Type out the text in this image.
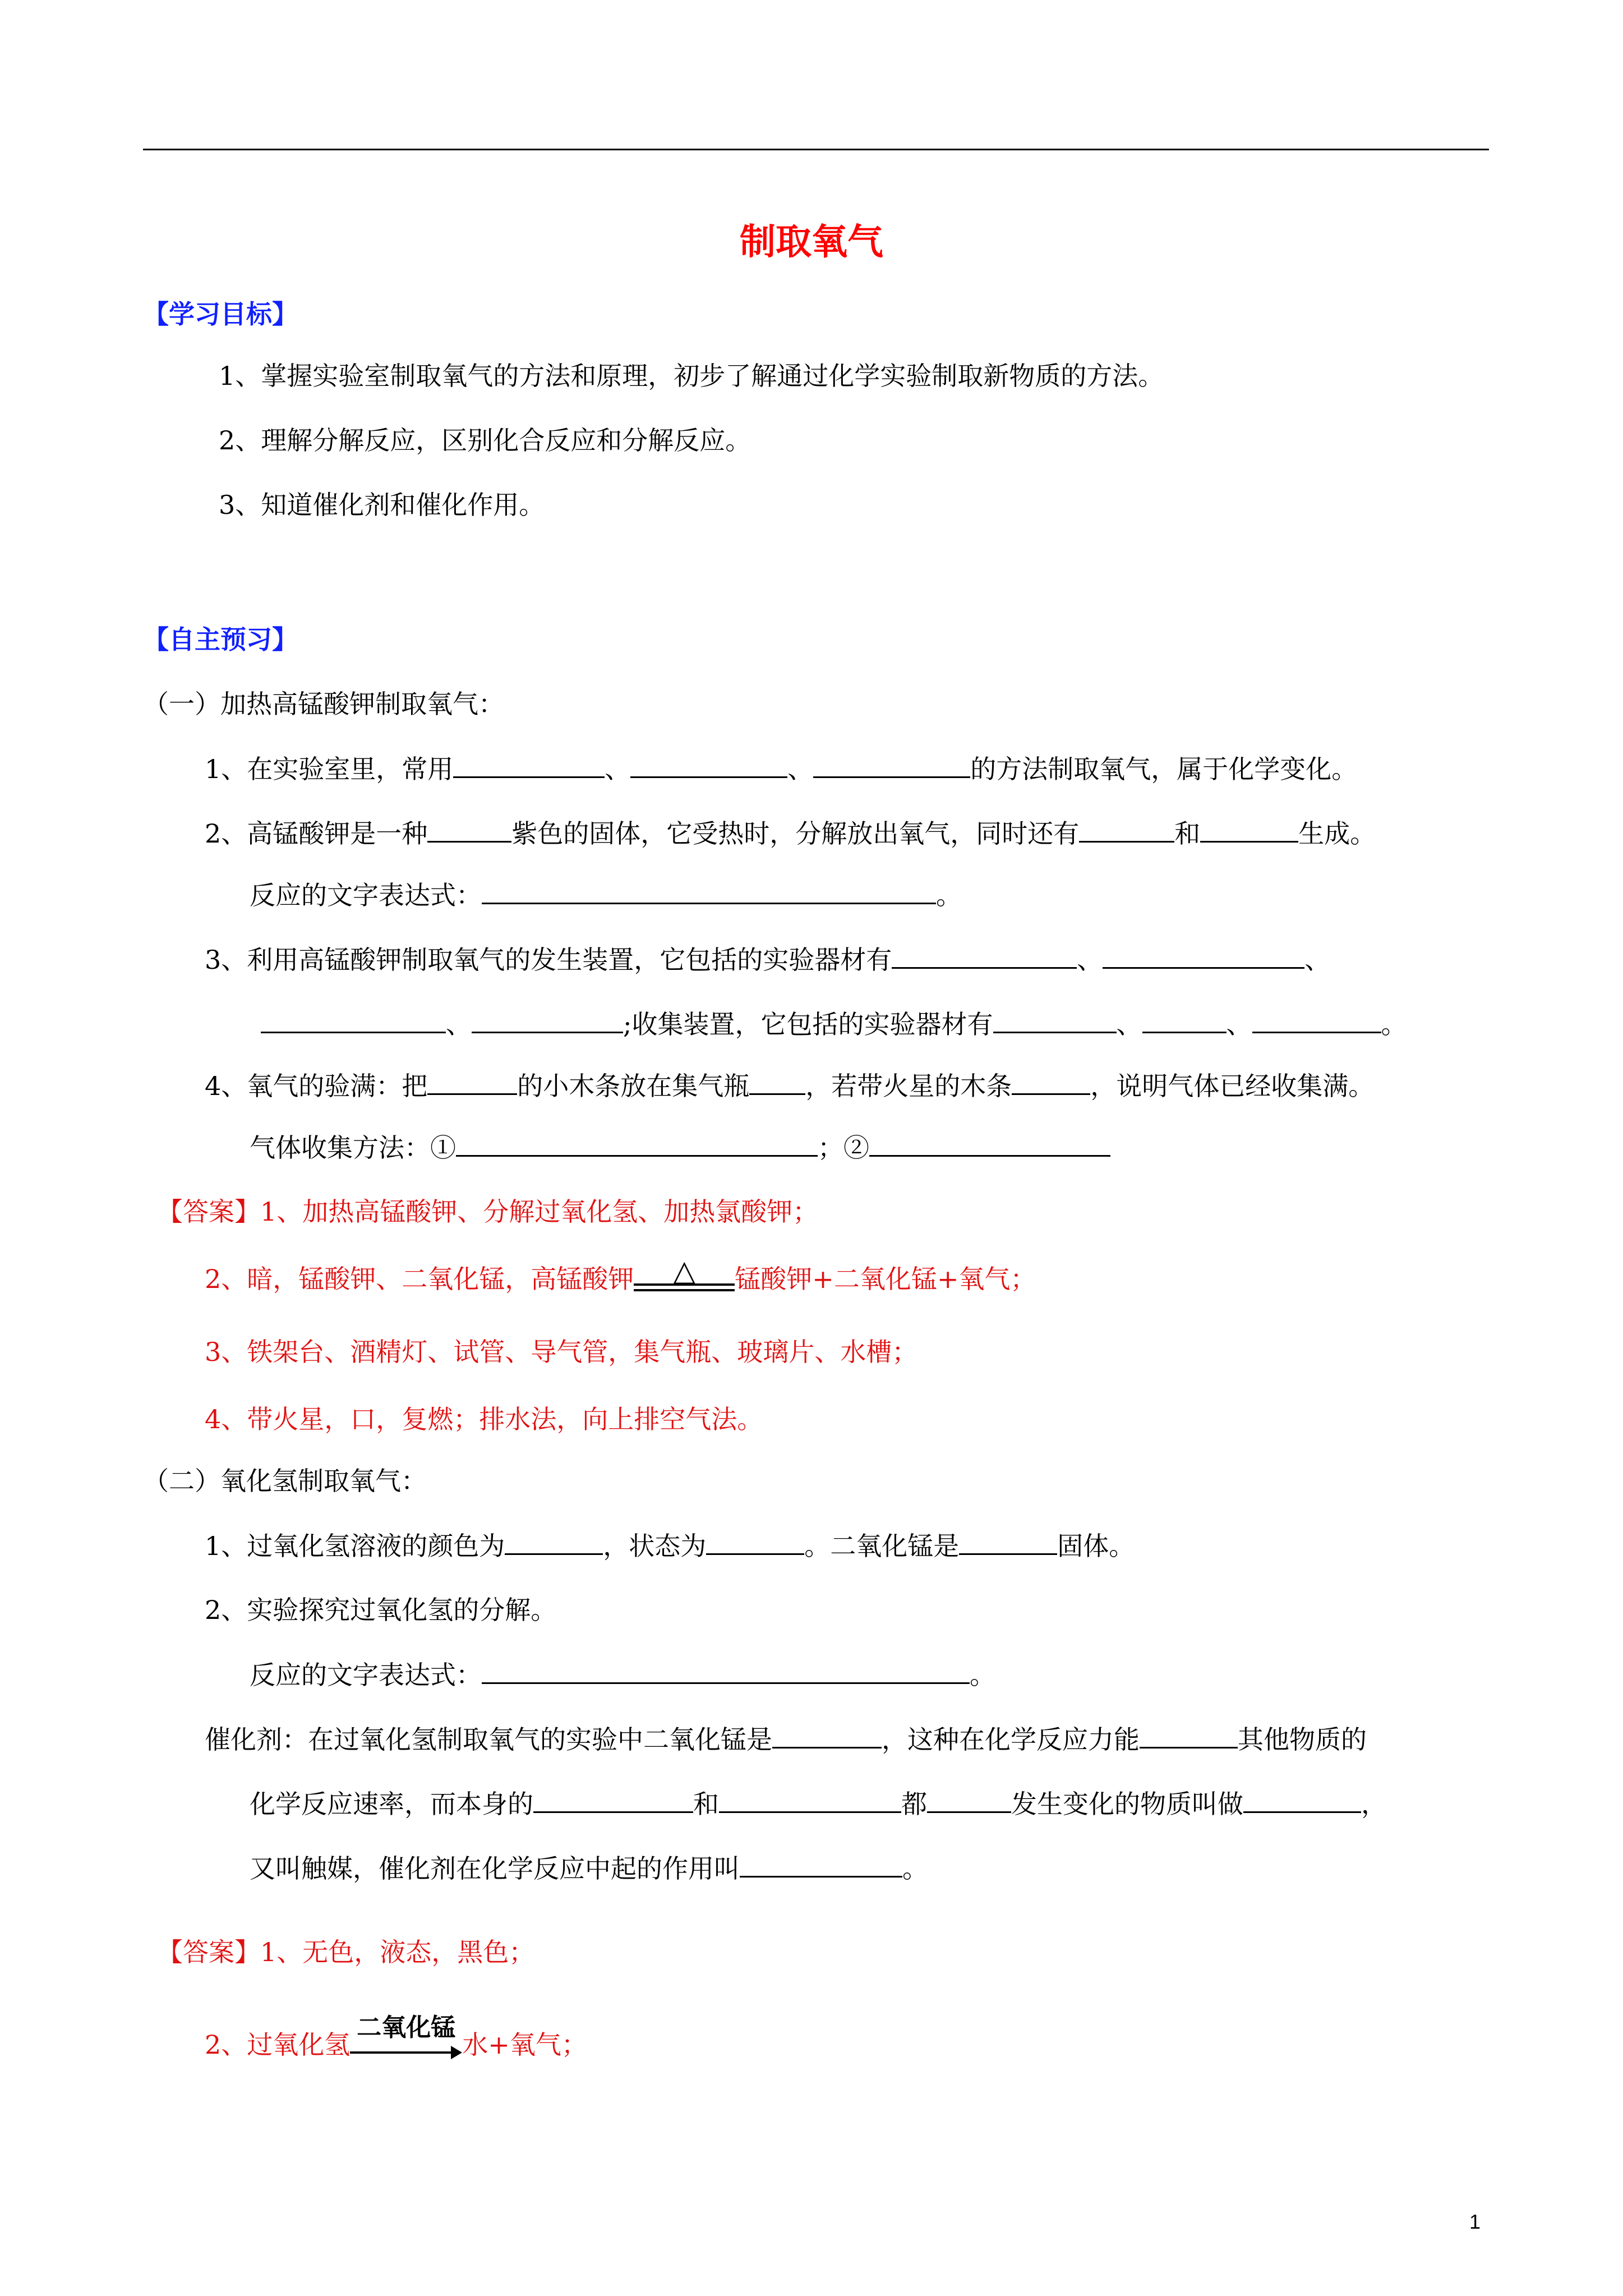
制取氧气
【学习目标】
1、掌握实验室制取氧气的方法和原理，初步了解通过化学实验制取新物质的方法。
2、理解分解反应，区别化合反应和分解反应。
3、知道催化剂和催化作用。
【自主预习】
（一）加热高锰酸钾制取氧气：
1、在实验室里，常用	、	、	的方法制取氧气，属于化学变化。
2、高锰酸钾是一种	紫色的固体，它受热时，分解放出氧气，同时还有	和	生成。
反应的文字表达式：	。
3、利用高锰酸钾制取氧气的发生装置，它包括的实验器材有	、	、
、	;收集装置，它包括的实验器材有	、	、	。
4、氧气的验满：把	的小木条放在集气瓶 ，若带火星的木条	，说明气体已经收集满。
气体收集方法：①	；②
【答案】1、加热高锰酸钾、分解过氧化氢、加热氯酸钾；
2、暗，锰酸钾、二氧化锰，高锰酸钾	△	锰酸钾+二氧化锰+氧气；
3、铁架台、酒精灯、试管、导气管，集气瓶、玻璃片、水槽；
4、带火星，口，复燃；排水法，向上排空气法。
（二）氧化氢制取氧气：
1、过氧化氢溶液的颜色为	，状态为	。二氧化锰是	固体。
2、实验探究过氧化氢的分解。
反应的文字表达式：	。
催化剂：在过氧化氢制取氧气的实验中二氧化锰是	，这种在化学反应力能	其他物质的
化学反应速率，而本身的	和	都	发生变化的物质叫做	，
又叫触媒，催化剂在化学反应中起的作用叫	。
【答案】1、无色，液态，黑色；
2、过氧化氢
二氧化锰
水+氧气；
1
